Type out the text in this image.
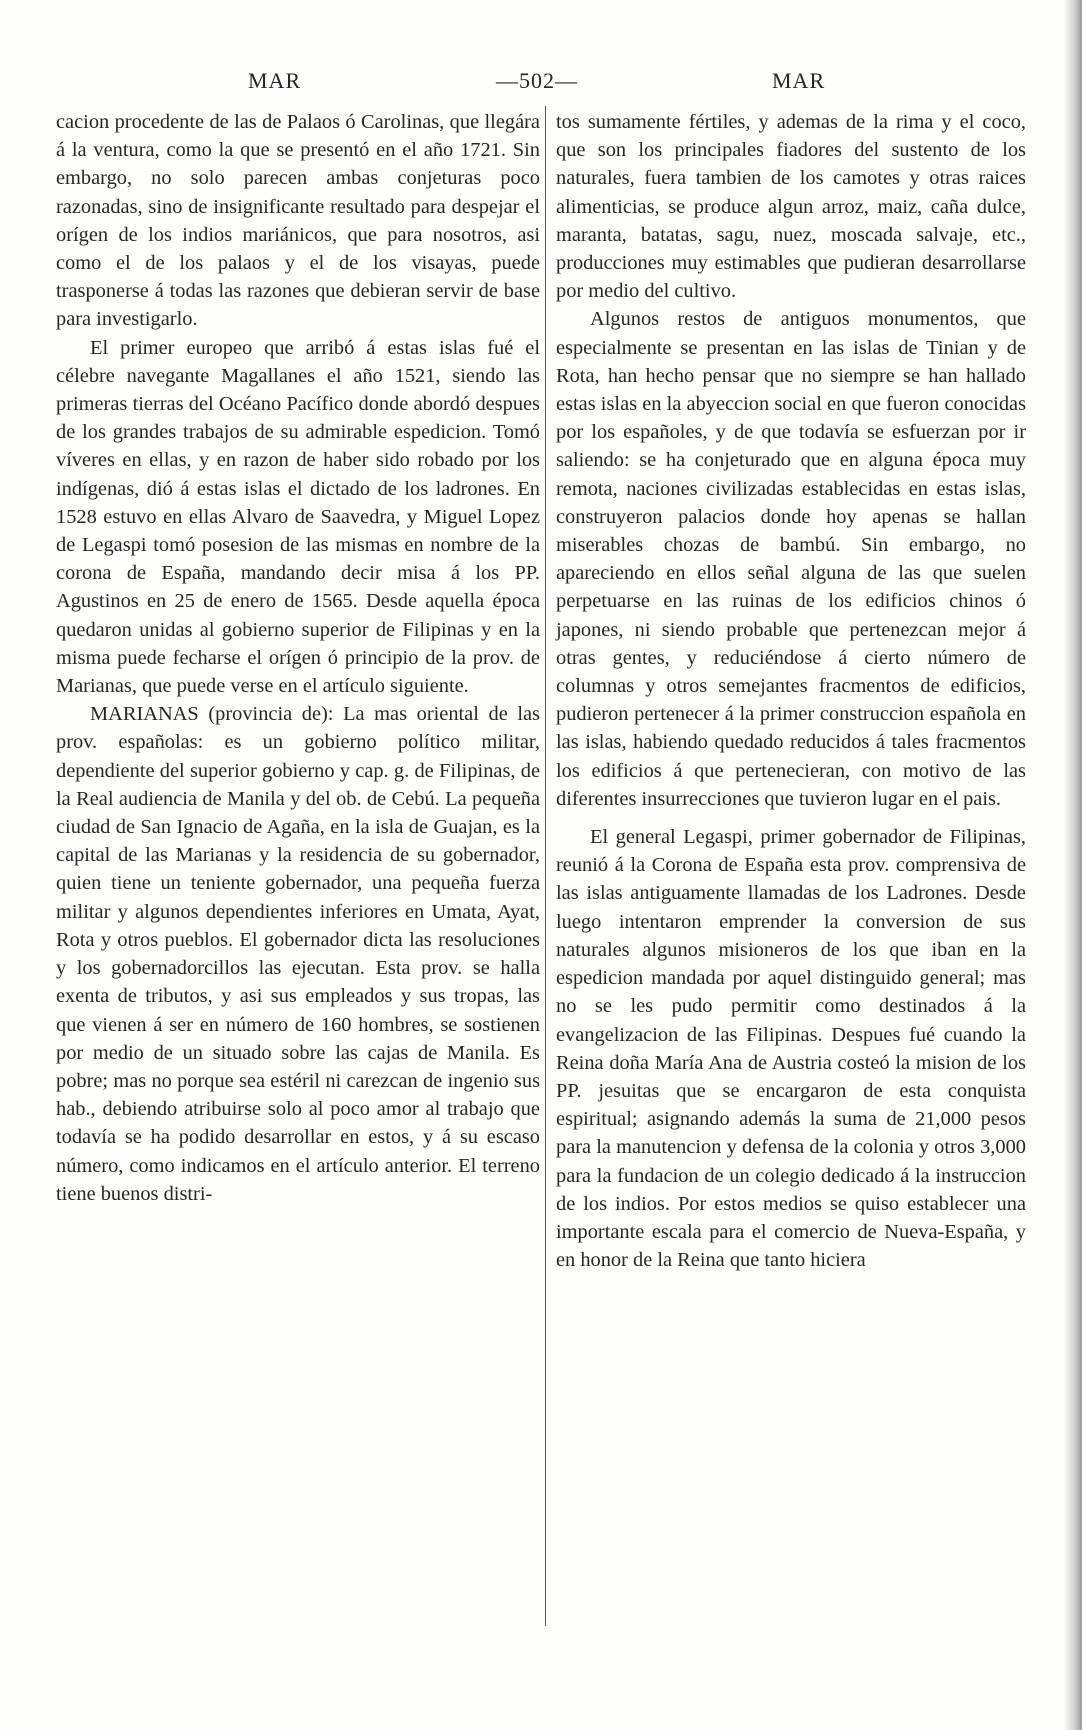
MAR	—502—	MAR

cacion procedente de las de Palaos ó Carolinas, que llegára á la ventura, como la que se presentó en el año 1721. Sin embargo, no solo parecen ambas conjeturas poco razonadas, sino de insignificante resultado para despejar el orígen de los indios mariánicos, que para nosotros, asi como el de los palaos y el de los visayas, puede trasponerse á todas las razones que debieran servir de base para investigarlo.

El primer europeo que arribó á estas islas fué el célebre navegante Magallanes el año 1521, siendo las primeras tierras del Océano Pacífico donde abordó despues de los grandes trabajos de su admirable espedicion. Tomó víveres en ellas, y en razon de haber sido robado por los indígenas, dió á estas islas el dictado de los ladrones. En 1528 estuvo en ellas Alvaro de Saavedra, y Miguel Lopez de Legaspi tomó posesion de las mismas en nombre de la corona de España, mandando decir misa á los PP. Agustinos en 25 de enero de 1565. Desde aquella época quedaron unidas al gobierno superior de Filipinas y en la misma puede fecharse el orígen ó principio de la prov. de Marianas, que puede verse en el artículo siguiente.

MARIANAS (provincia de): La mas oriental de las prov. españolas: es un gobierno político militar, dependiente del superior gobierno y cap. g. de Filipinas, de la Real audiencia de Manila y del ob. de Cebú. La pequeña ciudad de San Ignacio de Agaña, en la isla de Guajan, es la capital de las Marianas y la residencia de su gobernador, quien tiene un teniente gobernador, una pequeña fuerza militar y algunos dependientes inferiores en Umata, Ayat, Rota y otros pueblos. El gobernador dicta las resoluciones y los gobernadorcillos las ejecutan. Esta prov. se halla exenta de tributos, y asi sus empleados y sus tropas, las que vienen á ser en número de 160 hombres, se sostienen por medio de un situado sobre las cajas de Manila. Es pobre; mas no porque sea estéril ni carezcan de ingenio sus hab., debiendo atribuirse solo al poco amor al trabajo que todavía se ha podido desarrollar en estos, y á su escaso número, como indicamos en el artículo anterior. El terreno tiene buenos distri-

tos sumamente fértiles, y ademas de la rima y el coco, que son los principales fiadores del sustento de los naturales, fuera tambien de los camotes y otras raices alimenticias, se produce algun arroz, maiz, caña dulce, maranta, batatas, sagu, nuez, moscada salvaje, etc., producciones muy estimables que pudieran desarrollarse por medio del cultivo.

Algunos restos de antiguos monumentos, que especialmente se presentan en las islas de Tinian y de Rota, han hecho pensar que no siempre se han hallado estas islas en la abyeccion social en que fueron conocidas por los españoles, y de que todavía se esfuerzan por ir saliendo: se ha conjeturado que en alguna época muy remota, naciones civilizadas establecidas en estas islas, construyeron palacios donde hoy apenas se hallan miserables chozas de bambú. Sin embargo, no apareciendo en ellos señal alguna de las que suelen perpetuarse en las ruinas de los edificios chinos ó japones, ni siendo probable que pertenezcan mejor á otras gentes, y reduciéndose á cierto número de columnas y otros semejantes fracmentos de edificios, pudieron pertenecer á la primer construccion española en las islas, habiendo quedado reducidos á tales fracmentos los edificios á que pertenecieran, con motivo de las diferentes insurrecciones que tuvieron lugar en el pais.

El general Legaspi, primer gobernador de Filipinas, reunió á la Corona de España esta prov. comprensiva de las islas antiguamente llamadas de los Ladrones. Desde luego intentaron emprender la conversion de sus naturales algunos misioneros de los que iban en la espedicion mandada por aquel distinguido general; mas no se les pudo permitir como destinados á la evangelizacion de las Filipinas. Despues fué cuando la Reina doña María Ana de Austria costeó la mision de los PP. jesuitas que se encargaron de esta conquista espiritual; asignando además la suma de 21,000 pesos para la manutencion y defensa de la colonia y otros 3,000 para la fundacion de un colegio dedicado á la instruccion de los indios. Por estos medios se quiso establecer una importante escala para el comercio de Nueva-España, y en honor de la Reina que tanto hiciera
